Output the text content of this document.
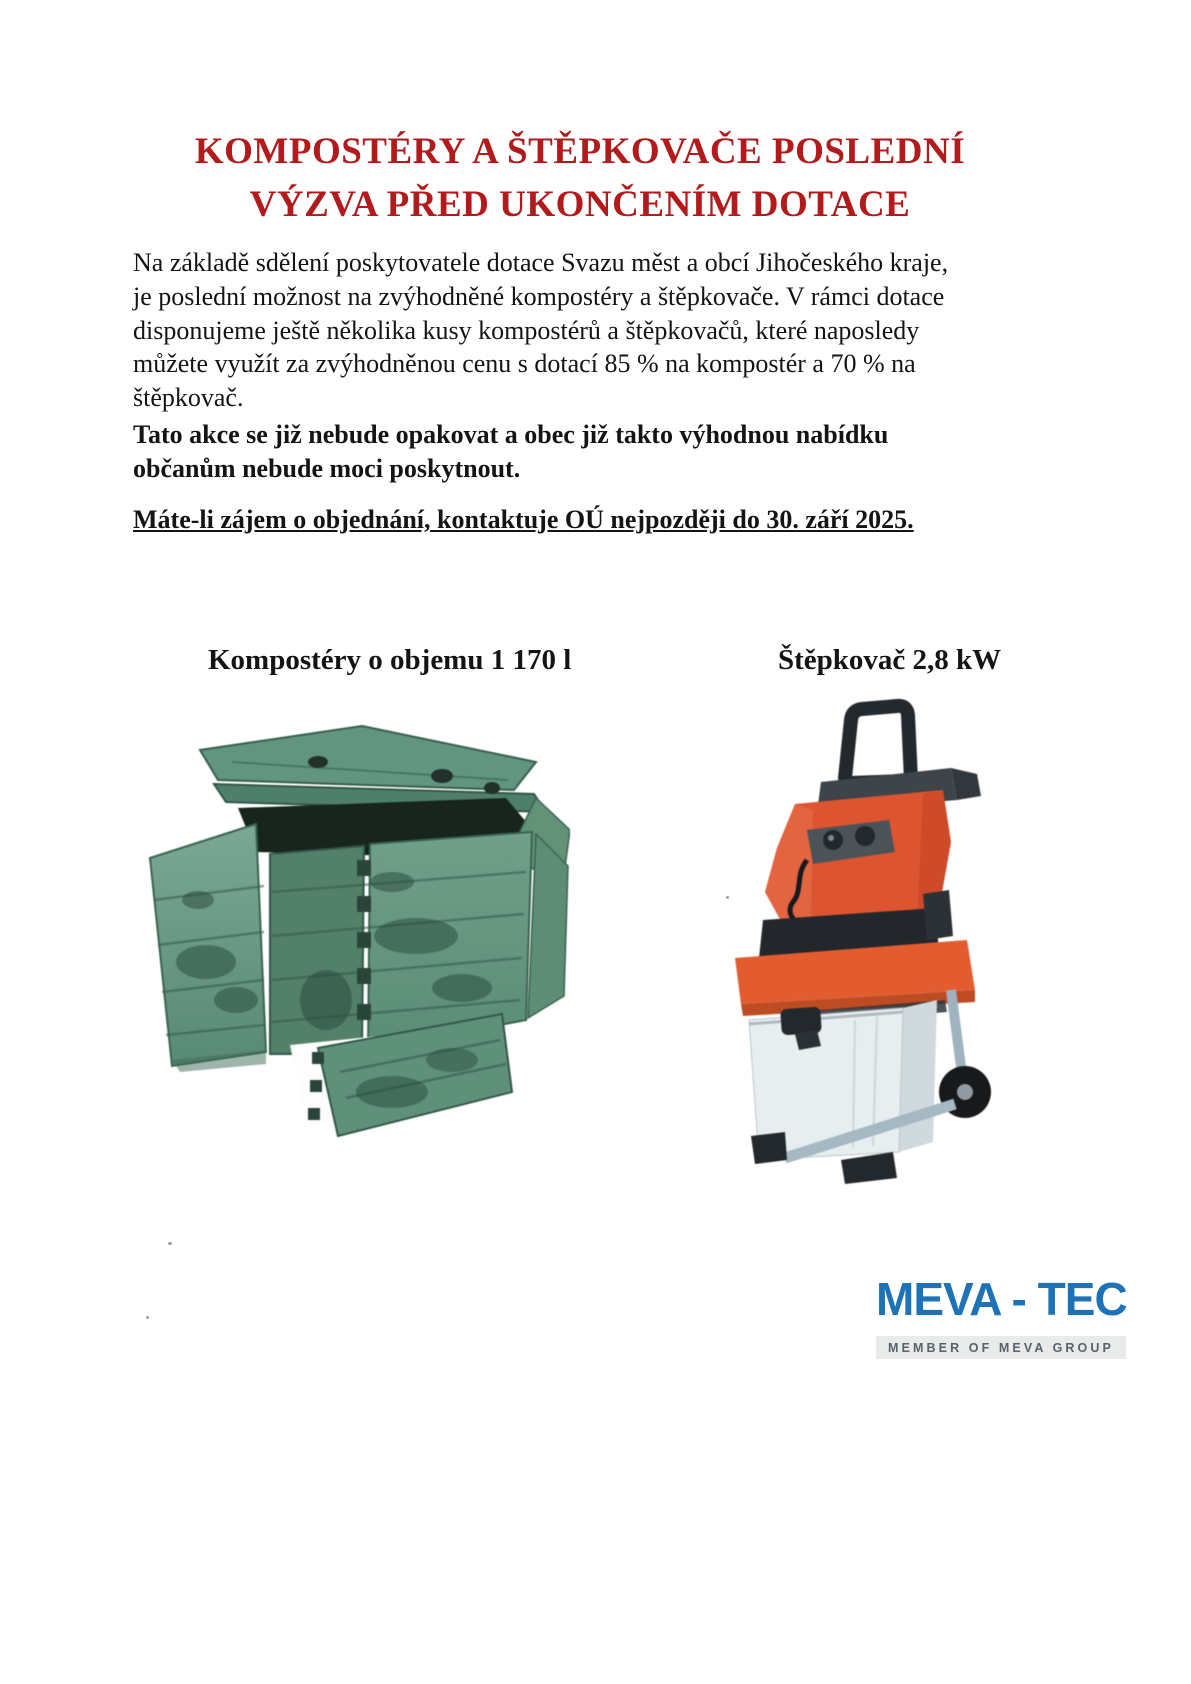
KOMPOSTÉRY A ŠTĚPKOVAČE POSLEDNÍ
VÝZVA PŘED UKONČENÍM DOTACE
Na základě sdělení poskytovatele dotace Svazu měst a obcí Jihočeského kraje, je poslední možnost na zvýhodněné kompostéry a štěpkovače. V rámci dotace disponujeme ještě několika kusy kompostérů a štěpkovačů, které naposledy můžete využít za zvýhodněnou cenu s dotací 85 % na kompostér a 70 % na štěpkovač.
Tato akce se již nebude opakovat a obec již takto výhodnou nabídku občanům nebude moci poskytnout.
Máte-li zájem o objednání, kontaktuje OÚ nejpozději do 30. září 2025.
Kompostéry o objemu 1 170 l	Štěpkovač 2,8 kW
MEVA - TEC
MEMBER OF MEVA GROUP
